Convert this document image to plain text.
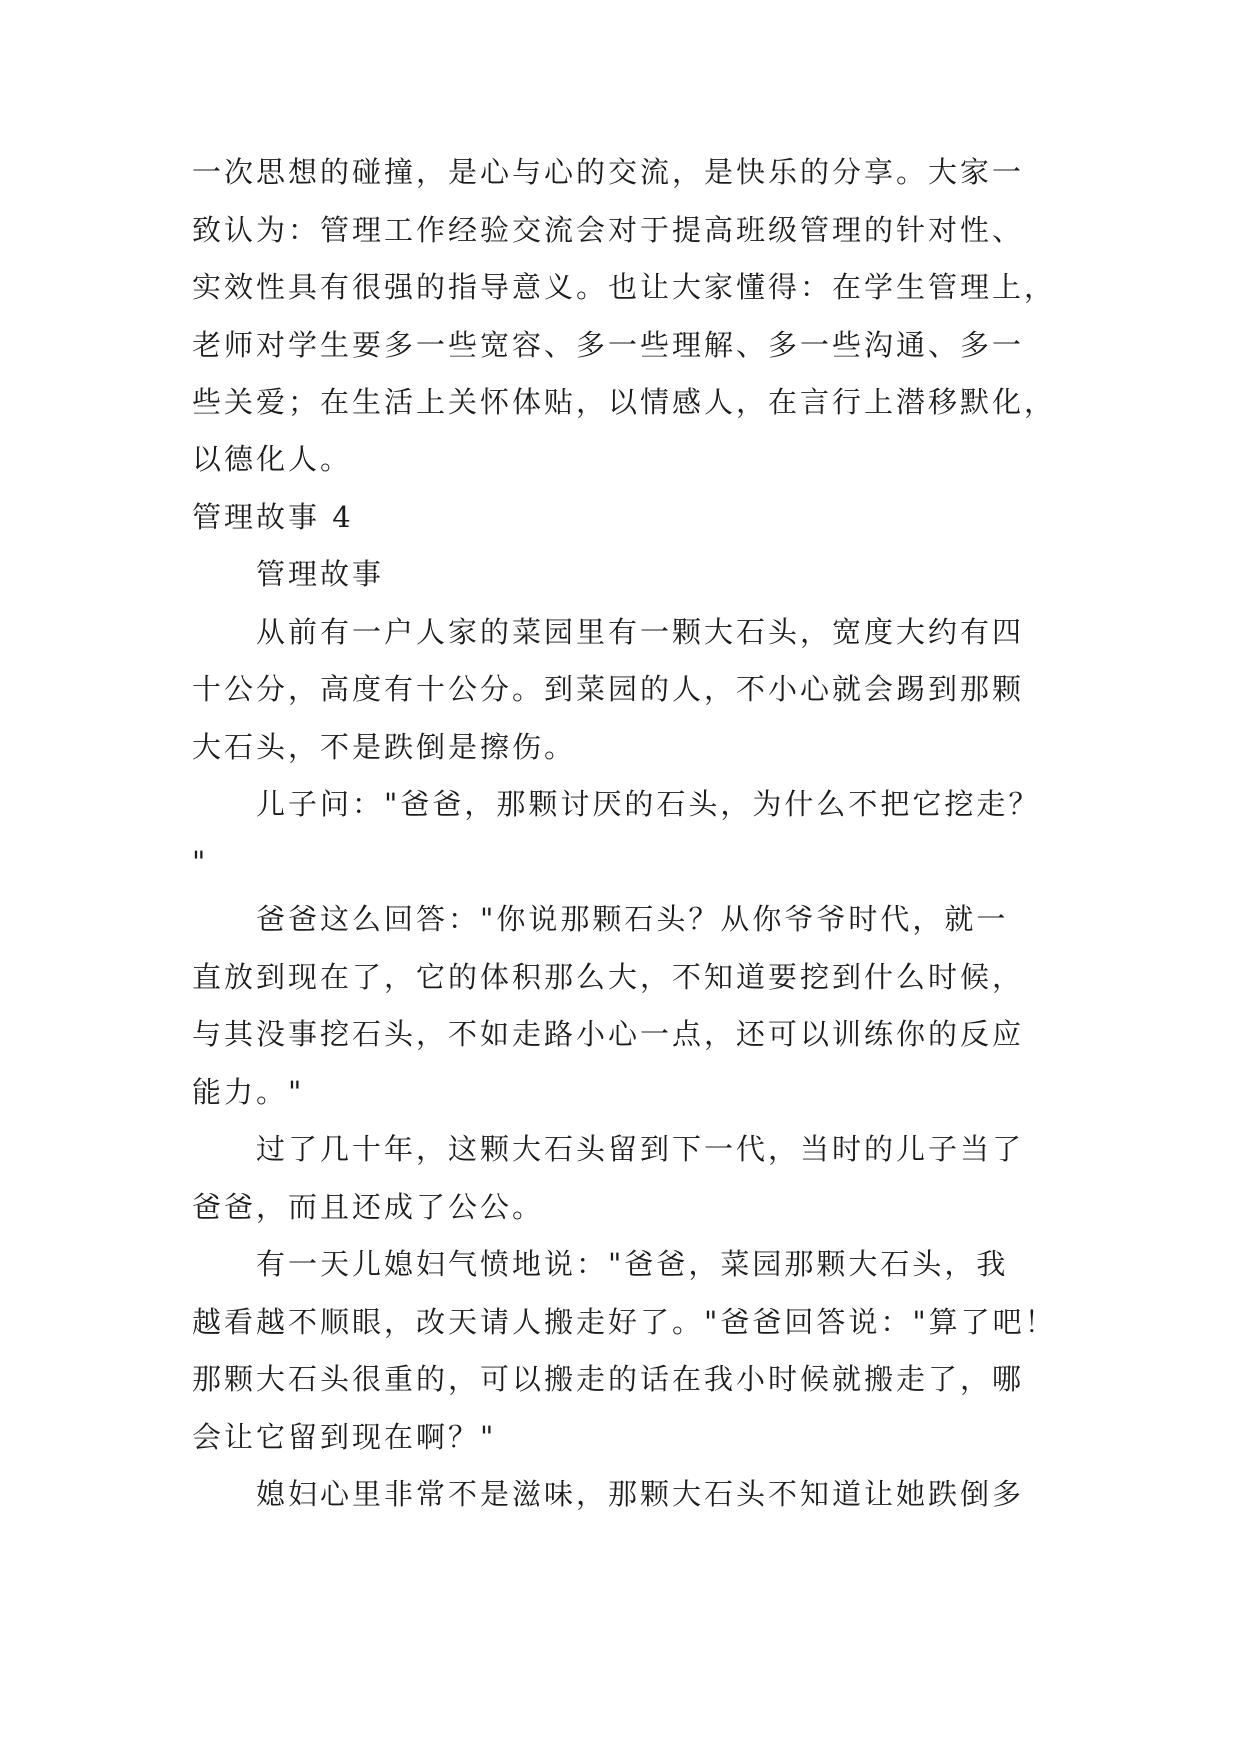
一次思想的碰撞，是心与心的交流，是快乐的分享。大家一
致认为：管理工作经验交流会对于提高班级管理的针对性、
实效性具有很强的指导意义。也让大家懂得：在学生管理上，
老师对学生要多一些宽容、多一些理解、多一些沟通、多一
些关爱；在生活上关怀体贴，以情感人，在言行上潜移默化，
以德化人。
管理故事 4
管理故事
从前有一户人家的菜园里有一颗大石头，宽度大约有四
十公分，高度有十公分。到菜园的人，不小心就会踢到那颗
大石头，不是跌倒是擦伤。
儿子问："爸爸，那颗讨厌的石头，为什么不把它挖走？
"
爸爸这么回答："你说那颗石头？从你爷爷时代，就一
直放到现在了，它的体积那么大，不知道要挖到什么时候，
与其没事挖石头，不如走路小心一点，还可以训练你的反应
能力。"
过了几十年，这颗大石头留到下一代，当时的儿子当了
爸爸，而且还成了公公。
有一天儿媳妇气愤地说："爸爸，菜园那颗大石头，我
越看越不顺眼，改天请人搬走好了。"爸爸回答说："算了吧！
那颗大石头很重的，可以搬走的话在我小时候就搬走了，哪
会让它留到现在啊？"
媳妇心里非常不是滋味，那颗大石头不知道让她跌倒多
